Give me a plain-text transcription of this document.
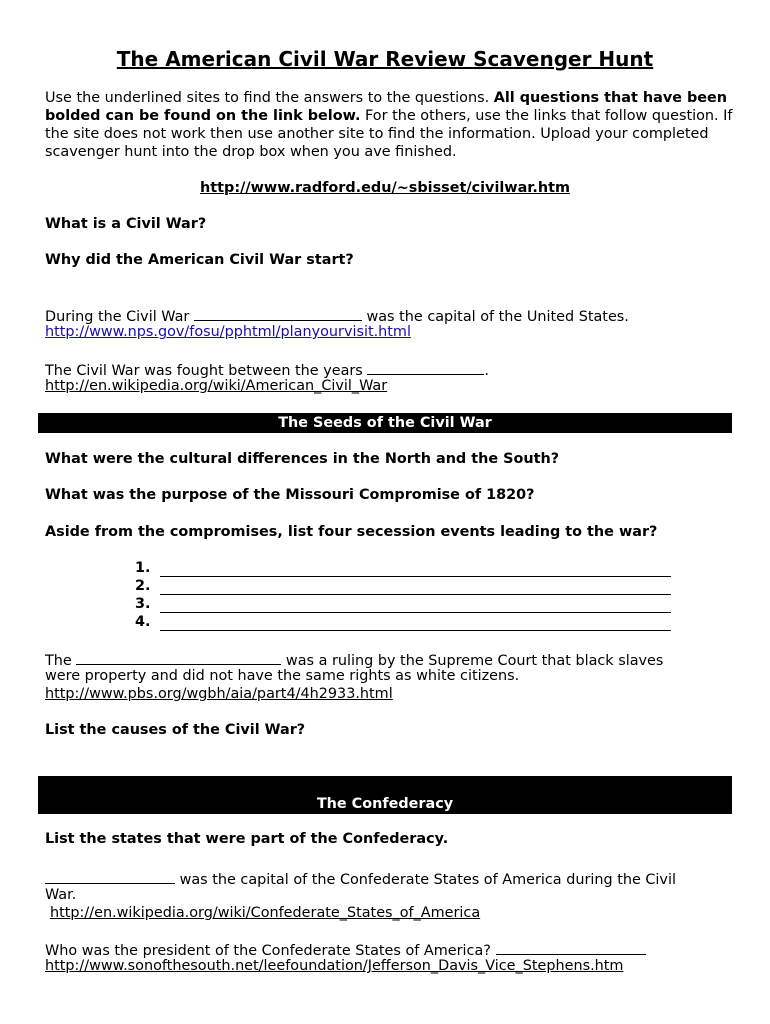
The American Civil War Review Scavenger Hunt
Use the underlined sites to find the answers to the questions. All questions that have been bolded can be found on the link below. For the others, use the links that follow question. If the site does not work then use another site to find the information. Upload your completed scavenger hunt into the drop box when you ave finished.
http://www.radford.edu/~sbisset/civilwar.htm
What is a Civil War?
Why did the American Civil War start?
During the Civil War	was the capital of the United States.
http://www.nps.gov/fosu/pphtml/planyourvisit.html
The Civil War was fought between the years	.
http://en.wikipedia.org/wiki/American_Civil_War
The Seeds of the Civil War
What were the cultural differences in the North and the South?
What was the purpose of the Missouri Compromise of 1820?
Aside from the compromises, list four secession events leading to the war?
1.
2.
3.
4.
The	was a ruling by the Supreme Court that black slaves
were property and did not have the same rights as white citizens.
http://www.pbs.org/wgbh/aia/part4/4h2933.html
List the causes of the Civil War?
The Confederacy
List the states that were part of the Confederacy.
was the capital of the Confederate States of America during the Civil
War.
http://en.wikipedia.org/wiki/Confederate_States_of_America
Who was the president of the Confederate States of America?
http://www.sonofthesouth.net/leefoundation/Jefferson_Davis_Vice_Stephens.htm
